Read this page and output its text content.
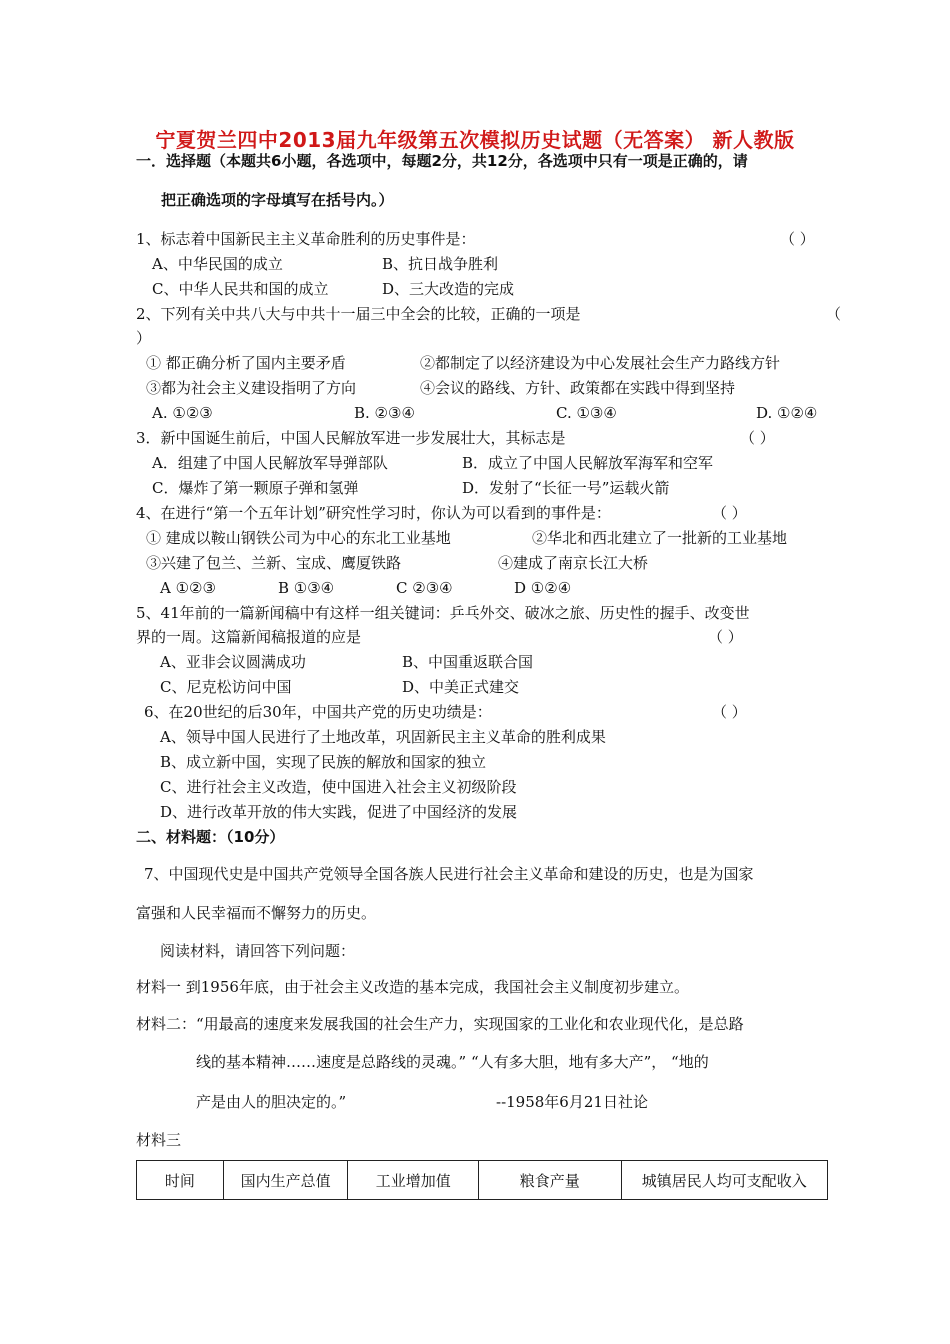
宁夏贺兰四中2013届九年级第五次模拟历史试题（无答案） 新人教版
一．选择题（本题共6小题，各选项中，每题2分，共12分，各选项中只有一项是正确的，请
把正确选项的字母填写在括号内。）
1、标志着中国新民主主义革命胜利的历史事件是：	（ ）
A、中华民国的成立	B、抗日战争胜利
C、中华人民共和国的成立	D、三大改造的完成
2、下列有关中共八大与中共十一届三中全会的比较，正确的一项是	（
）
① 都正确分析了国内主要矛盾	②都制定了以经济建设为中心发展社会生产力路线方针
③都为社会主义建设指明了方向	④会议的路线、方针、政策都在实践中得到坚持
A. ①②③	B. ②③④	C. ①③④	D. ①②④
3．新中国诞生前后，中国人民解放军进一步发展壮大，其标志是	（ ）
A．组建了中国人民解放军导弹部队	B．成立了中国人民解放军海军和空军
C．爆炸了第一颗原子弹和氢弹	D．发射了“长征一号”运载火箭
4、在进行“第一个五年计划”研究性学习时，你认为可以看到的事件是：	（ ）
① 建成以鞍山钢铁公司为中心的东北工业基地	②华北和西北建立了一批新的工业基地
③兴建了包兰、兰新、宝成、鹰厦铁路	④建成了南京长江大桥
A ①②③	B ①③④	C ②③④	D ①②④
5、41年前的一篇新闻稿中有这样一组关键词：乒乓外交、破冰之旅、历史性的握手、改变世
界的一周。这篇新闻稿报道的应是	（ ）
A、亚非会议圆满成功	B、中国重返联合国
C、尼克松访问中国	D、中美正式建交
6、在20世纪的后30年，中国共产党的历史功绩是：	（ ）
A、领导中国人民进行了土地改革，巩固新民主主义革命的胜利成果
B、成立新中国，实现了民族的解放和国家的独立
C、进行社会主义改造，使中国进入社会主义初级阶段
D、进行改革开放的伟大实践，促进了中国经济的发展
二、材料题：（10分）
7、中国现代史是中国共产党领导全国各族人民进行社会主义革命和建设的历史，也是为国家
富强和人民幸福而不懈努力的历史。
阅读材料，请回答下列问题：
材料一 到1956年底，由于社会主义改造的基本完成，我国社会主义制度初步建立。
材料二：“用最高的速度来发展我国的社会生产力，实现国家的工业化和农业现代化，是总路
线的基本精神……速度是总路线的灵魂。” “人有多大胆，地有多大产”， “地的
产是由人的胆决定的。”	--1958年6月21日社论
材料三
时间	国内生产总值	工业增加值	粮食产量	城镇居民人均可支配收入
